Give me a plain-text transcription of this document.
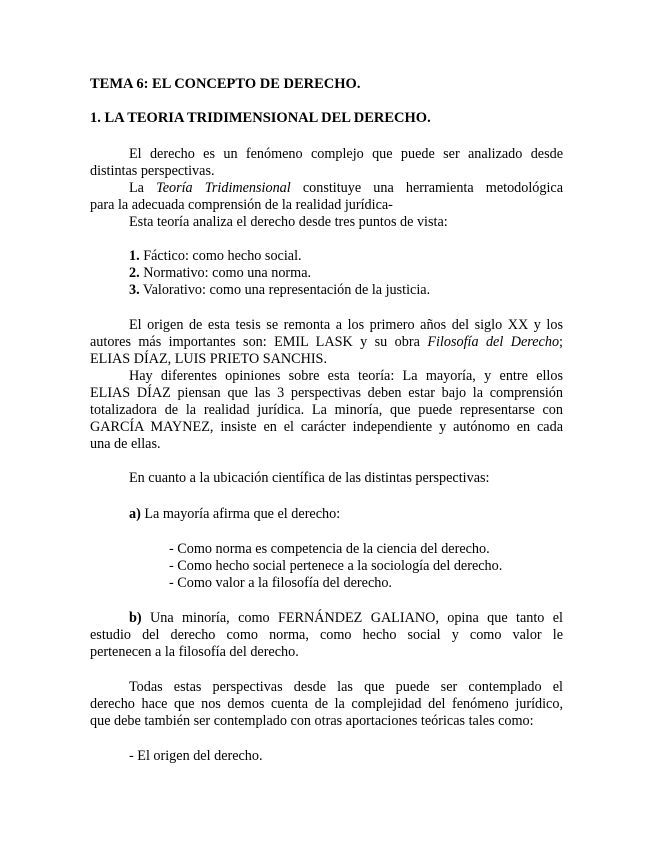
TEMA 6: EL CONCEPTO DE DERECHO.
1. LA TEORIA TRIDIMENSIONAL DEL DERECHO.
El derecho es un fenómeno complejo que puede ser analizado desde
distintas perspectivas.
La Teoría Tridimensional constituye una herramienta metodológica
para la adecuada comprensión de la realidad jurídica-
Esta teoría analiza el derecho desde tres puntos de vista:
1. Fáctico: como hecho social.
2. Normativo: como una norma.
3. Valorativo: como una representación de la justicia.
El origen de esta tesis se remonta a los primero años del siglo XX y los
autores más importantes son: EMIL LASK y su obra Filosofía del Derecho;
ELIAS DÍAZ, LUIS PRIETO SANCHIS.
Hay diferentes opiniones sobre esta teoría: La mayoría, y entre ellos
ELIAS DÍAZ piensan que las 3 perspectivas deben estar bajo la comprensión
totalizadora de la realidad jurídica. La minoría, que puede representarse con
GARCÍA MAYNEZ, insiste en el carácter independiente y autónomo en cada
una de ellas.
En cuanto a la ubicación científica de las distintas perspectivas:
a) La mayoría afirma que el derecho:
- Como norma es competencia de la ciencia del derecho.
- Como hecho social pertenece a la sociología del derecho.
- Como valor a la filosofía del derecho.
b) Una minoría, como FERNÁNDEZ GALIANO, opina que tanto el
estudio del derecho como norma, como hecho social y como valor le
pertenecen a la filosofía del derecho.
Todas estas perspectivas desde las que puede ser contemplado el
derecho hace que nos demos cuenta de la complejidad del fenómeno jurídico,
que debe también ser contemplado con otras aportaciones teóricas tales como:
- El origen del derecho.
